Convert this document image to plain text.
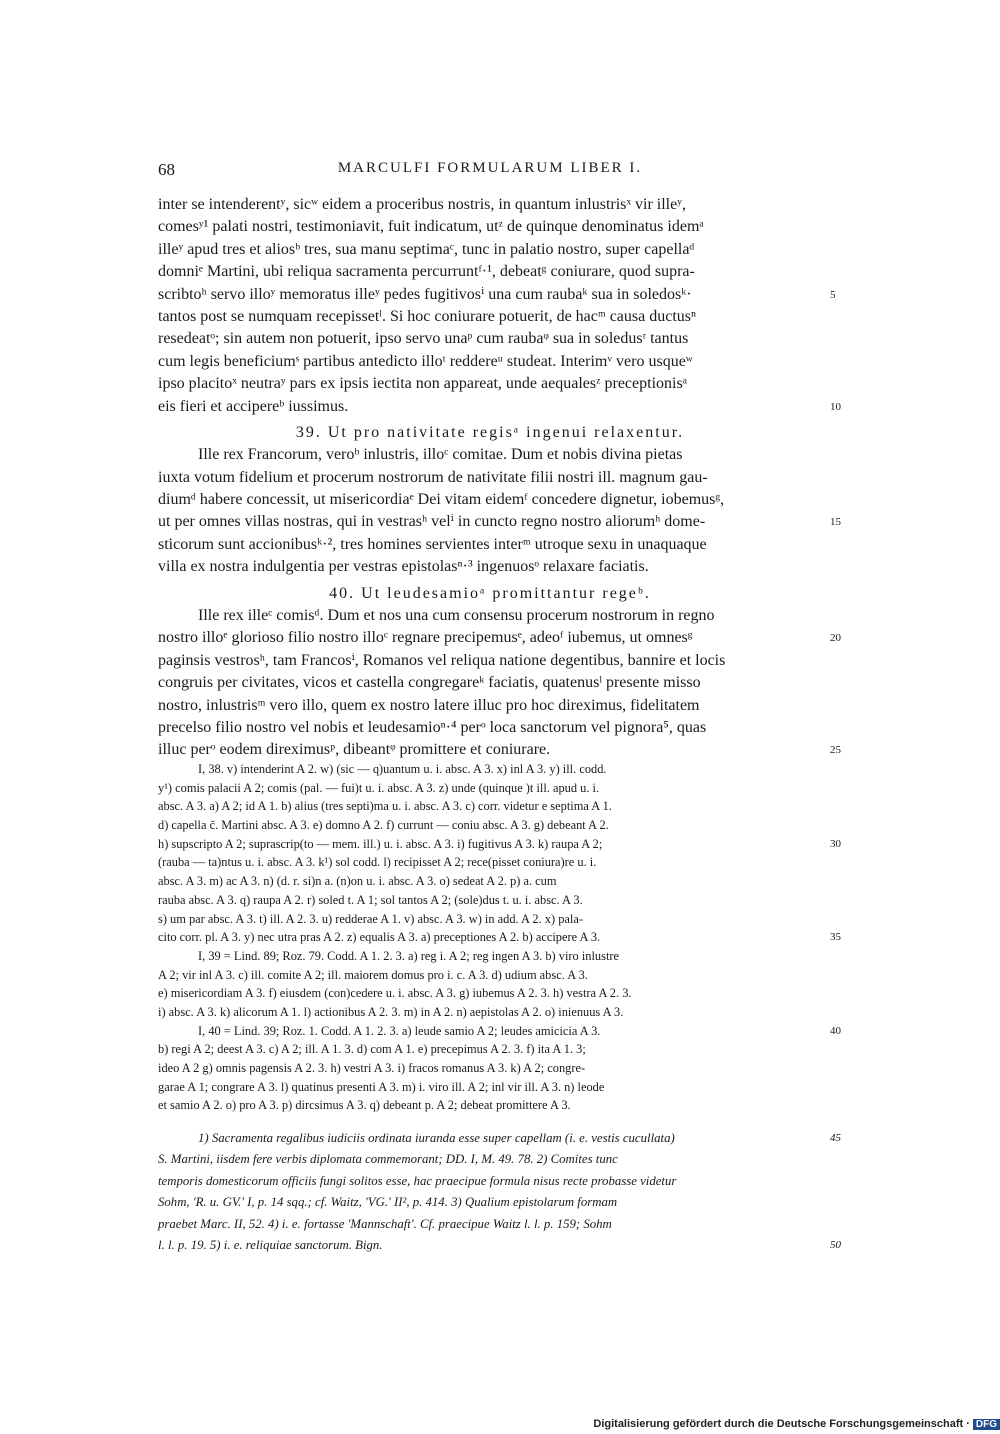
68	MARCULFI FORMULARUM LIBER I.
inter se intenderentʸ, sicʷ eidem a proceribus nostris, in quantum inlustrisˣ vir illeʸ,
comesʸ¹ palati nostri, testimoniavit, fuit indicatum, utᶻ de quinque denominatus idemᵃ
illeʸ apud tres et aliosᵇ tres, sua manu septimaᶜ, tunc in palatio nostro, super capellaᵈ
domniᵉ Martini, ubi reliqua sacramenta percurruntᶠ·¹, debeatᵍ coniurare, quod supra-
scribtoʰ servo illoʸ memoratus illeʸ pedes fugitivosⁱ una cum raubaᵏ sua in soledosᵏ·	5
tantos post se numquam recepissetˡ. Si hoc coniurare potuerit, de hacᵐ causa ductusⁿ
resedeatᵒ; sin autem non potuerit, ipso servo unaᵖ cum raubaᵠ sua in soledusʳ tantus
cum legis beneficiumˢ partibus antedicto illoᵗ reddereᵘ studeat. Interimᵛ vero usqueʷ
ipso placitoˣ neutraʸ pars ex ipsis iectita non appareat, unde aequalesᶻ preceptionisᵃ
eis fieri et accipereᵇ iussimus.	10
39. Ut pro nativitate regisᵃ ingenui relaxentur.
Ille rex Francorum, veroᵇ inlustris, illoᶜ comitae. Dum et nobis divina pietas
iuxta votum fidelium et procerum nostrorum de nativitate filii nostri ill. magnum gau-
diumᵈ habere concessit, ut misericordiaᵉ Dei vitam eidemᶠ concedere dignetur, iobemusᵍ,
ut per omnes villas nostras, qui in vestrasʰ velⁱ in cuncto regno nostro aliorumʰ dome-	15
sticorum sunt accionibusᵏ·², tres homines servientes interᵐ utroque sexu in unaquaque
villa ex nostra indulgentia per vestras epistolasⁿ·³ ingenuosᵒ relaxare faciatis.
40. Ut leudesamioᵃ promittantur regeᵇ.
Ille rex illeᶜ comisᵈ. Dum et nos una cum consensu procerum nostrorum in regno
nostro illoᵉ glorioso filio nostro illoᶜ regnare precipemusᵉ, adeoᶠ iubemus, ut omnesᵍ	20
paginsis vestrosʰ, tam Francosⁱ, Romanos vel reliqua natione degentibus, bannire et locis
congruis per civitates, vicos et castella congregareᵏ faciatis, quatenusˡ presente misso
nostro, inlustrisᵐ vero illo, quem ex nostro latere illuc pro hoc direximus, fidelitatem
precelso filio nostro vel nobis et leudesamioⁿ·⁴ perᵒ loca sanctorum vel pignora⁵, quas
illuc perᵒ eodem direximusᵖ, dibeantᵠ promittere et coniurare.	25
I, 38. v) intenderint A 2. w) (sic — q)uantum u. i. absc. A 3. x) inl A 3. y) ill. codd.
y¹) comis palacii A 2; comis (pal. — fui)t u. i. absc. A 3. z) unde (quinque )t ill. apud u. i.
absc. A 3. a) A 2; id A 1. b) alius (tres septi)ma u. i. absc. A 3. c) corr. videtur e septima A 1.
d) capella č. Martini absc. A 3. e) domno A 2. f) currunt — coniu absc. A 3. g) debeant A 2.
h) supscripto A 2; suprascrip(to — mem. ill.) u. i. absc. A 3. i) fugitivus A 3. k) raupa A 2;	30
(rauba — ta)ntus u. i. absc. A 3. k¹) sol codd. l) recipisset A 2; rece(pisset coniura)re u. i.
absc. A 3. m) ac A 3. n) (d. r. si)n a. (n)on u. i. absc. A 3. o) sedeat A 2. p) a. cum
rauba absc. A 3. q) raupa A 2. r) soled t. A 1; sol tantos A 2; (sole)dus t. u. i. absc. A 3.
s) um par absc. A 3. t) ill. A 2. 3. u) redderae A 1. v) absc. A 3. w) in add. A 2. x) pala-
cito corr. pl. A 3. y) nec utra pras A 2. z) equalis A 3. a) preceptiones A 2. b) accipere A 3.	35
I, 39 = Lind. 89; Roz. 79. Codd. A 1. 2. 3. a) reg i. A 2; reg ingen A 3. b) viro inlustre
A 2; vir inl A 3. c) ill. comite A 2; ill. maiorem domus pro i. c. A 3. d) udium absc. A 3.
e) misericordiam A 3. f) eiusdem (con)cedere u. i. absc. A 3. g) iubemus A 2. 3. h) vestra A 2. 3.
i) absc. A 3. k) alicorum A 1. l) actionibus A 2. 3. m) in A 2. n) aepistolas A 2. o) inienuus A 3.
I, 40 = Lind. 39; Roz. 1. Codd. A 1. 2. 3. a) leude samio A 2; leudes amicicia A 3.	40
b) regi A 2; deest A 3. c) A 2; ill. A 1. 3. d) com A 1. e) precepimus A 2. 3. f) ita A 1. 3;
ideo A 2 g) omnis pagensis A 2. 3. h) vestri A 3. i) fracos romanus A 3. k) A 2; congre-
garae A 1; congrare A 3. l) quatinus presenti A 3. m) i. viro ill. A 2; inl vir ill. A 3. n) leode
et samio A 2. o) pro A 3. p) dircsimus A 3. q) debeant p. A 2; debeat promittere A 3.
1) Sacramenta regalibus iudiciis ordinata iuranda esse super capellam (i. e. vestis cucullata)	45
S. Martini, iisdem fere verbis diplomata commemorant; DD. I, M. 49. 78. 2) Comites tunc
temporis domesticorum officiis fungi solitos esse, hac praecipue formula nisus recte probasse videtur
Sohm, 'R. u. GV.' I, p. 14 sqq.; cf. Waitz, 'VG.' II², p. 414. 3) Qualium epistolarum formam
praebet Marc. II, 52. 4) i. e. fortasse 'Mannschaft'. Cf. praecipue Waitz l. l. p. 159; Sohm
l. l. p. 19. 5) i. e. reliquiae sanctorum. Bign.	50
Digitalisierung gefördert durch die Deutsche Forschungsgemeinschaft · DFG
